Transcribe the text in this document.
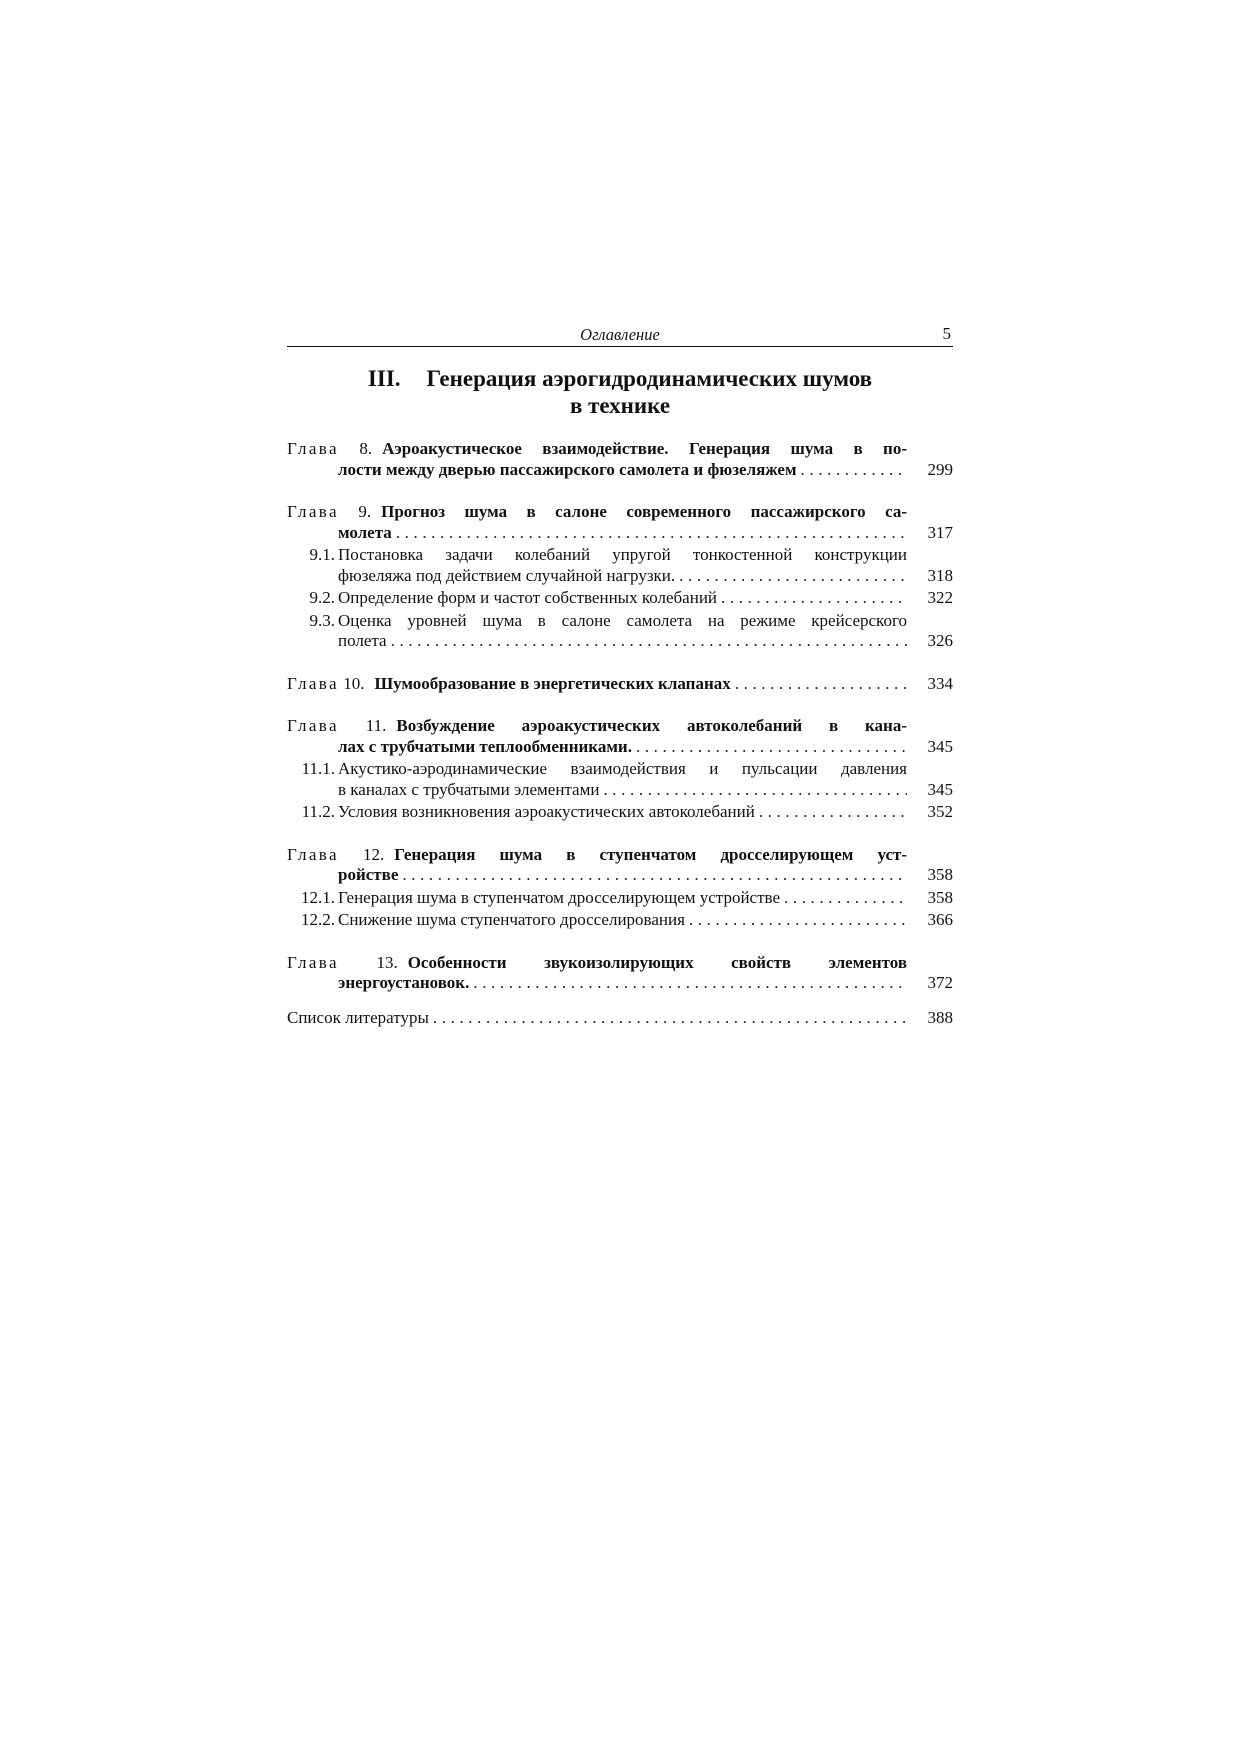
Оглавление	5
III. Генерация аэрогидродинамических шумов
в технике
Глава 8. Аэроакустическое взаимодействие. Генерация шума в по-
лости между дверью пассажирского самолета и фюзеляжем .....	299
Глава 9. Прогноз шума в салоне современного пассажирского са-
молета .....	317
9.1. Постановка задачи колебаний упругой тонкостенной конструкции
фюзеляжа под действием случайной нагрузки. .....	318
9.2. Определение форм и частот собственных колебаний .....	322
9.3. Оценка уровней шума в салоне самолета на режиме крейсерского
полета .....	326
Глава 10. Шумообразование в энергетических клапанах .....	334
Глава 11. Возбуждение аэроакустических автоколебаний в кана-
лах с трубчатыми теплообменниками. .....	345
11.1. Акустико-аэродинамические взаимодействия и пульсации давления
в каналах с трубчатыми элементами .....	345
11.2. Условия возникновения аэроакустических автоколебаний .....	352
Глава 12. Генерация шума в ступенчатом дросселирующем уст-
ройстве .....	358
12.1. Генерация шума в ступенчатом дросселирующем устройстве .....	358
12.2. Снижение шума ступенчатого дросселирования .....	366
Глава 13. Особенности звукоизолирующих свойств элементов
энергоустановок. .....	372
Список литературы .....	388
